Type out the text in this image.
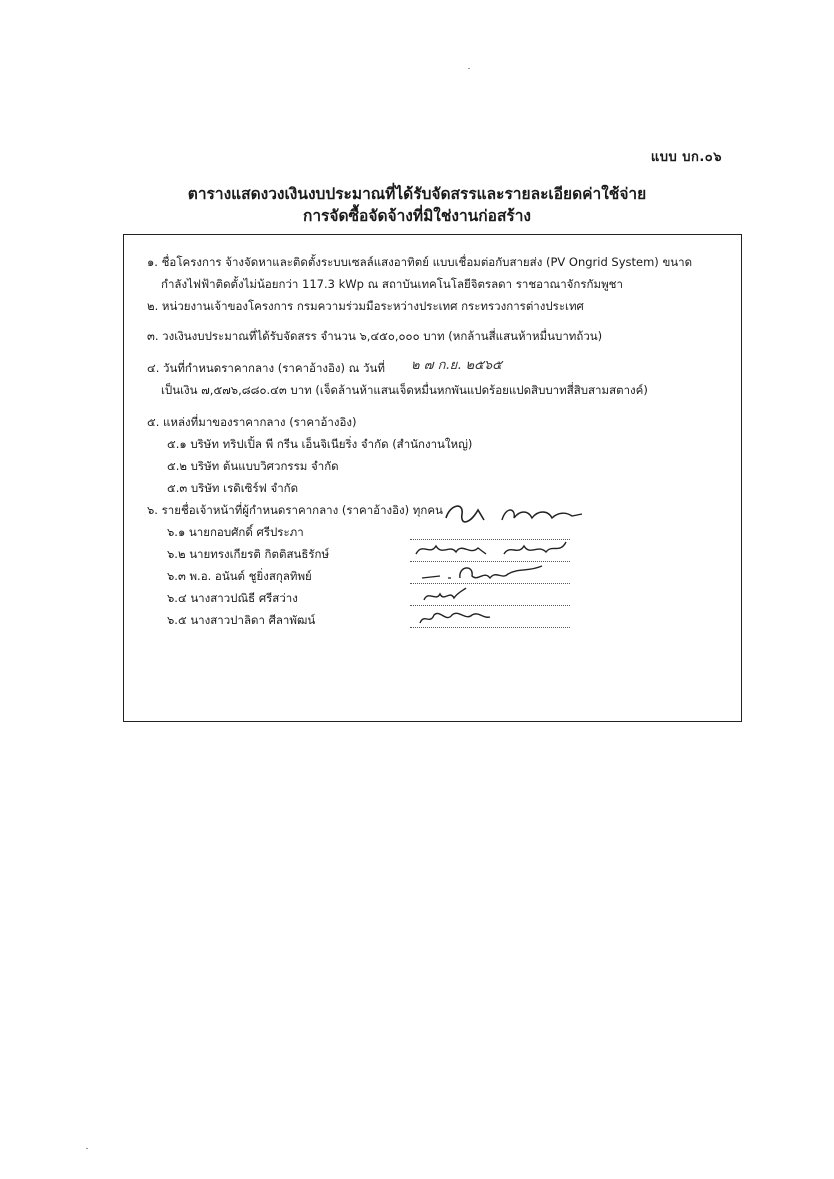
แบบ บก.๐๖
ตารางแสดงวงเงินงบประมาณที่ได้รับจัดสรรและรายละเอียดค่าใช้จ่าย
การจัดซื้อจัดจ้างที่มิใช่งานก่อสร้าง
๑. ชื่อโครงการ จ้างจัดหาและติดตั้งระบบเซลล์แสงอาทิตย์ แบบเชื่อมต่อกับสายส่ง (PV Ongrid System) ขนาด
กำลังไฟฟ้าติดตั้งไม่น้อยกว่า 117.3 kWp ณ สถาบันเทคโนโลยีจิตรลดา ราชอาณาจักรกัมพูชา
๒. หน่วยงานเจ้าของโครงการ กรมความร่วมมือระหว่างประเทศ กระทรวงการต่างประเทศ
๓. วงเงินงบประมาณที่ได้รับจัดสรร จำนวน ๖,๔๕๐,๐๐๐ บาท (หกล้านสี่แสนห้าหมื่นบาทถ้วน)
๔. วันที่กำหนดราคากลาง (ราคาอ้างอิง) ณ วันที่ ๒ ๗ ก.ย. ๒๕๖๕
เป็นเงิน ๗,๕๗๖,๘๘๐.๔๓ บาท (เจ็ดล้านห้าแสนเจ็ดหมื่นหกพันแปดร้อยแปดสิบบาทสี่สิบสามสตางค์)
๕. แหล่งที่มาของราคากลาง (ราคาอ้างอิง)
๕.๑ บริษัท ทริปเปิ้ล พี กรีน เอ็นจิเนียริ่ง จำกัด (สำนักงานใหญ่)
๕.๒ บริษัท ต้นแบบวิศวกรรม จำกัด
๕.๓ บริษัท เรดิเซิร์ฟ จำกัด
๖. รายชื่อเจ้าหน้าที่ผู้กำหนดราคากลาง (ราคาอ้างอิง) ทุกคน
๖.๑ นายกอบศักดิ์ ศรีประภา
๖.๒ นายทรงเกียรติ กิตติสนธิรักษ์
๖.๓ พ.อ. อนันต์ ชูยิ่งสกุลทิพย์
๖.๔ นางสาวปณิธี ศรีสว่าง
๖.๕ นางสาวปาลิดา ศีลาพัฒน์
